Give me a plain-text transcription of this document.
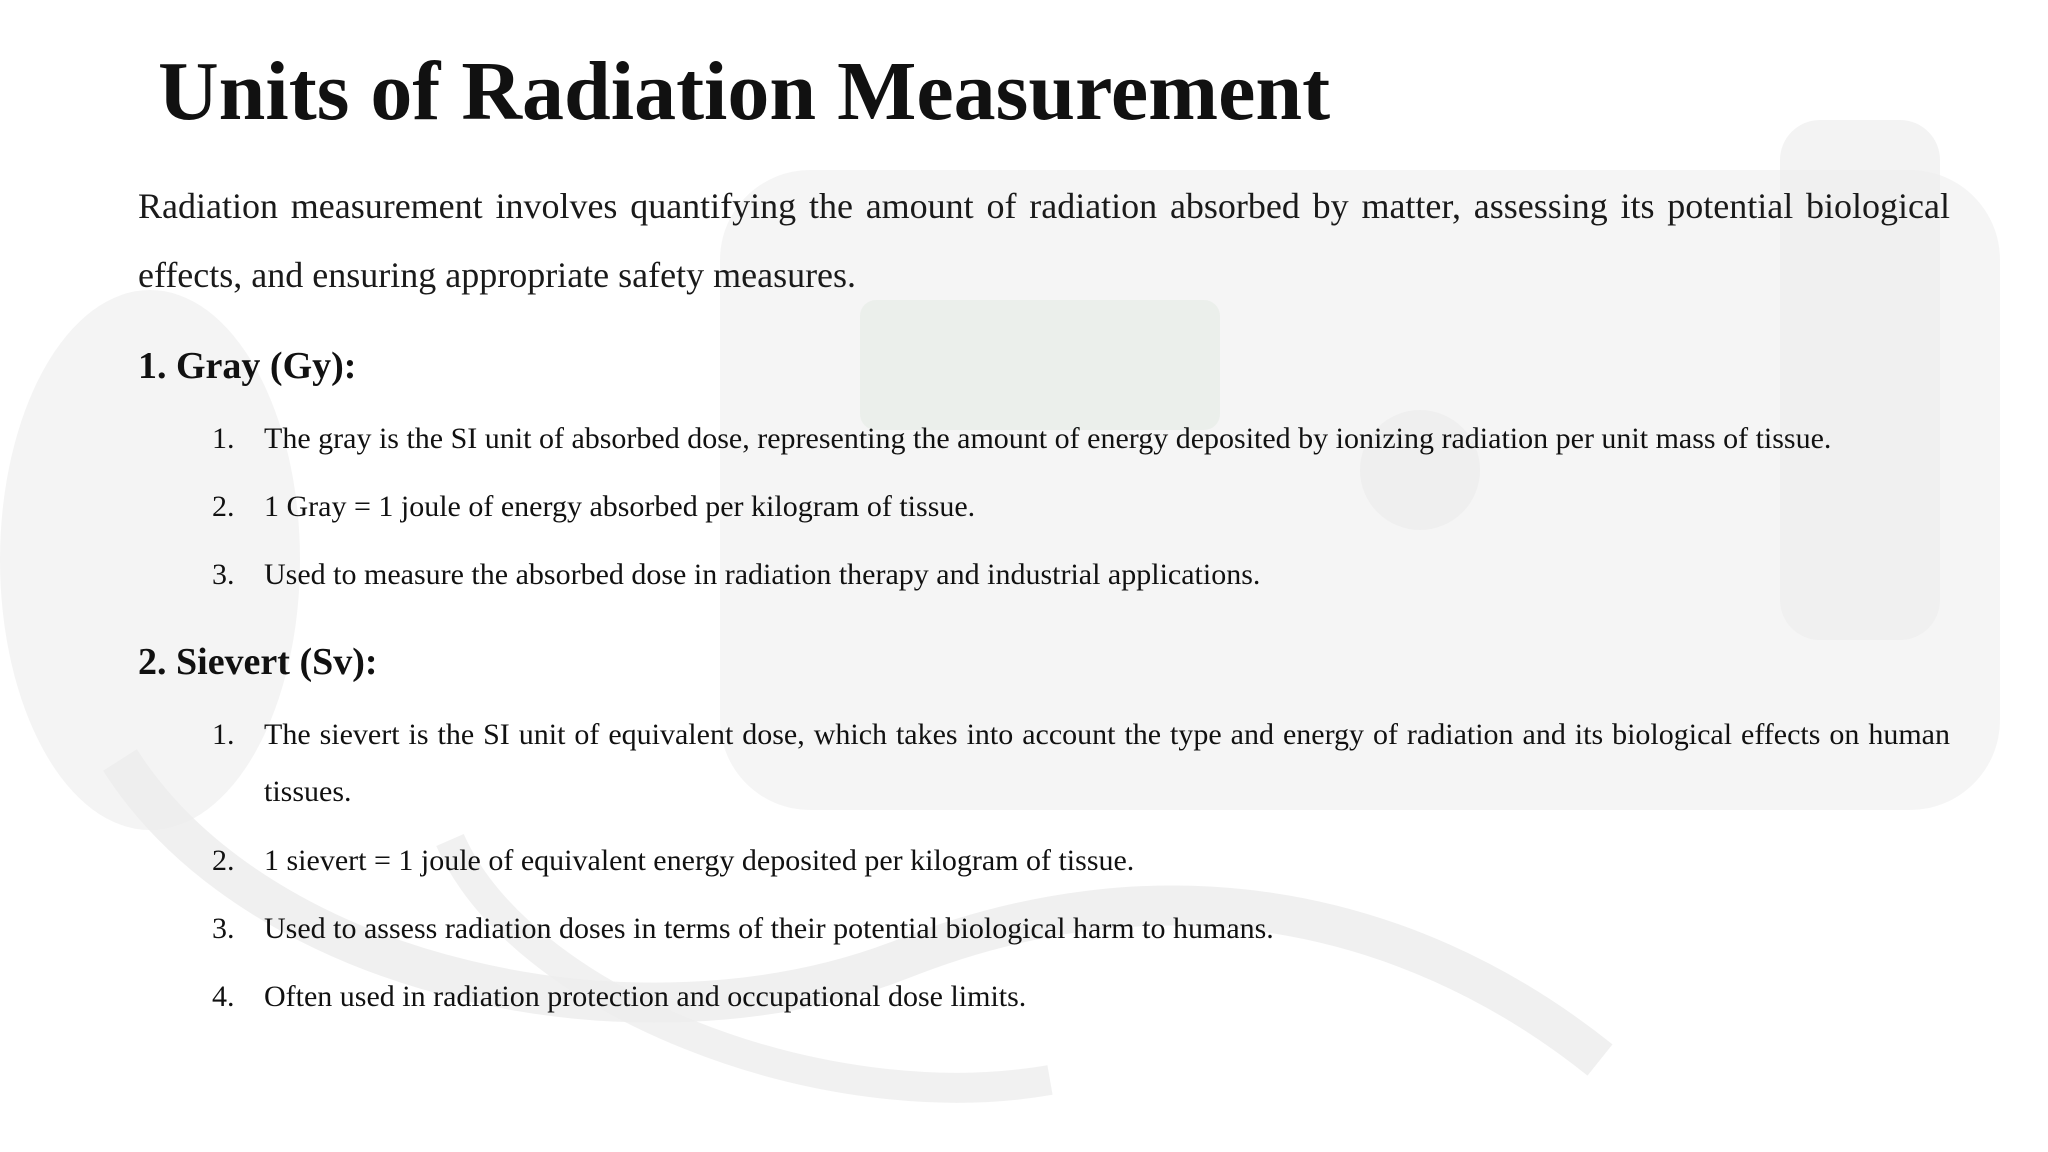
Units of Radiation Measurement

Radiation measurement involves quantifying the amount of radiation absorbed by matter, assessing its potential biological effects, and ensuring appropriate safety measures.

1. Gray (Gy):
1. The gray is the SI unit of absorbed dose, representing the amount of energy deposited by ionizing radiation per unit mass of tissue.
2. 1 Gray = 1 joule of energy absorbed per kilogram of tissue.
3. Used to measure the absorbed dose in radiation therapy and industrial applications.
2. Sievert (Sv):
1. The sievert is the SI unit of equivalent dose, which takes into account the type and energy of radiation and its biological effects on human tissues.
2. 1 sievert = 1 joule of equivalent energy deposited per kilogram of tissue.
3. Used to assess radiation doses in terms of their potential biological harm to humans.
4. Often used in radiation protection and occupational dose limits.
